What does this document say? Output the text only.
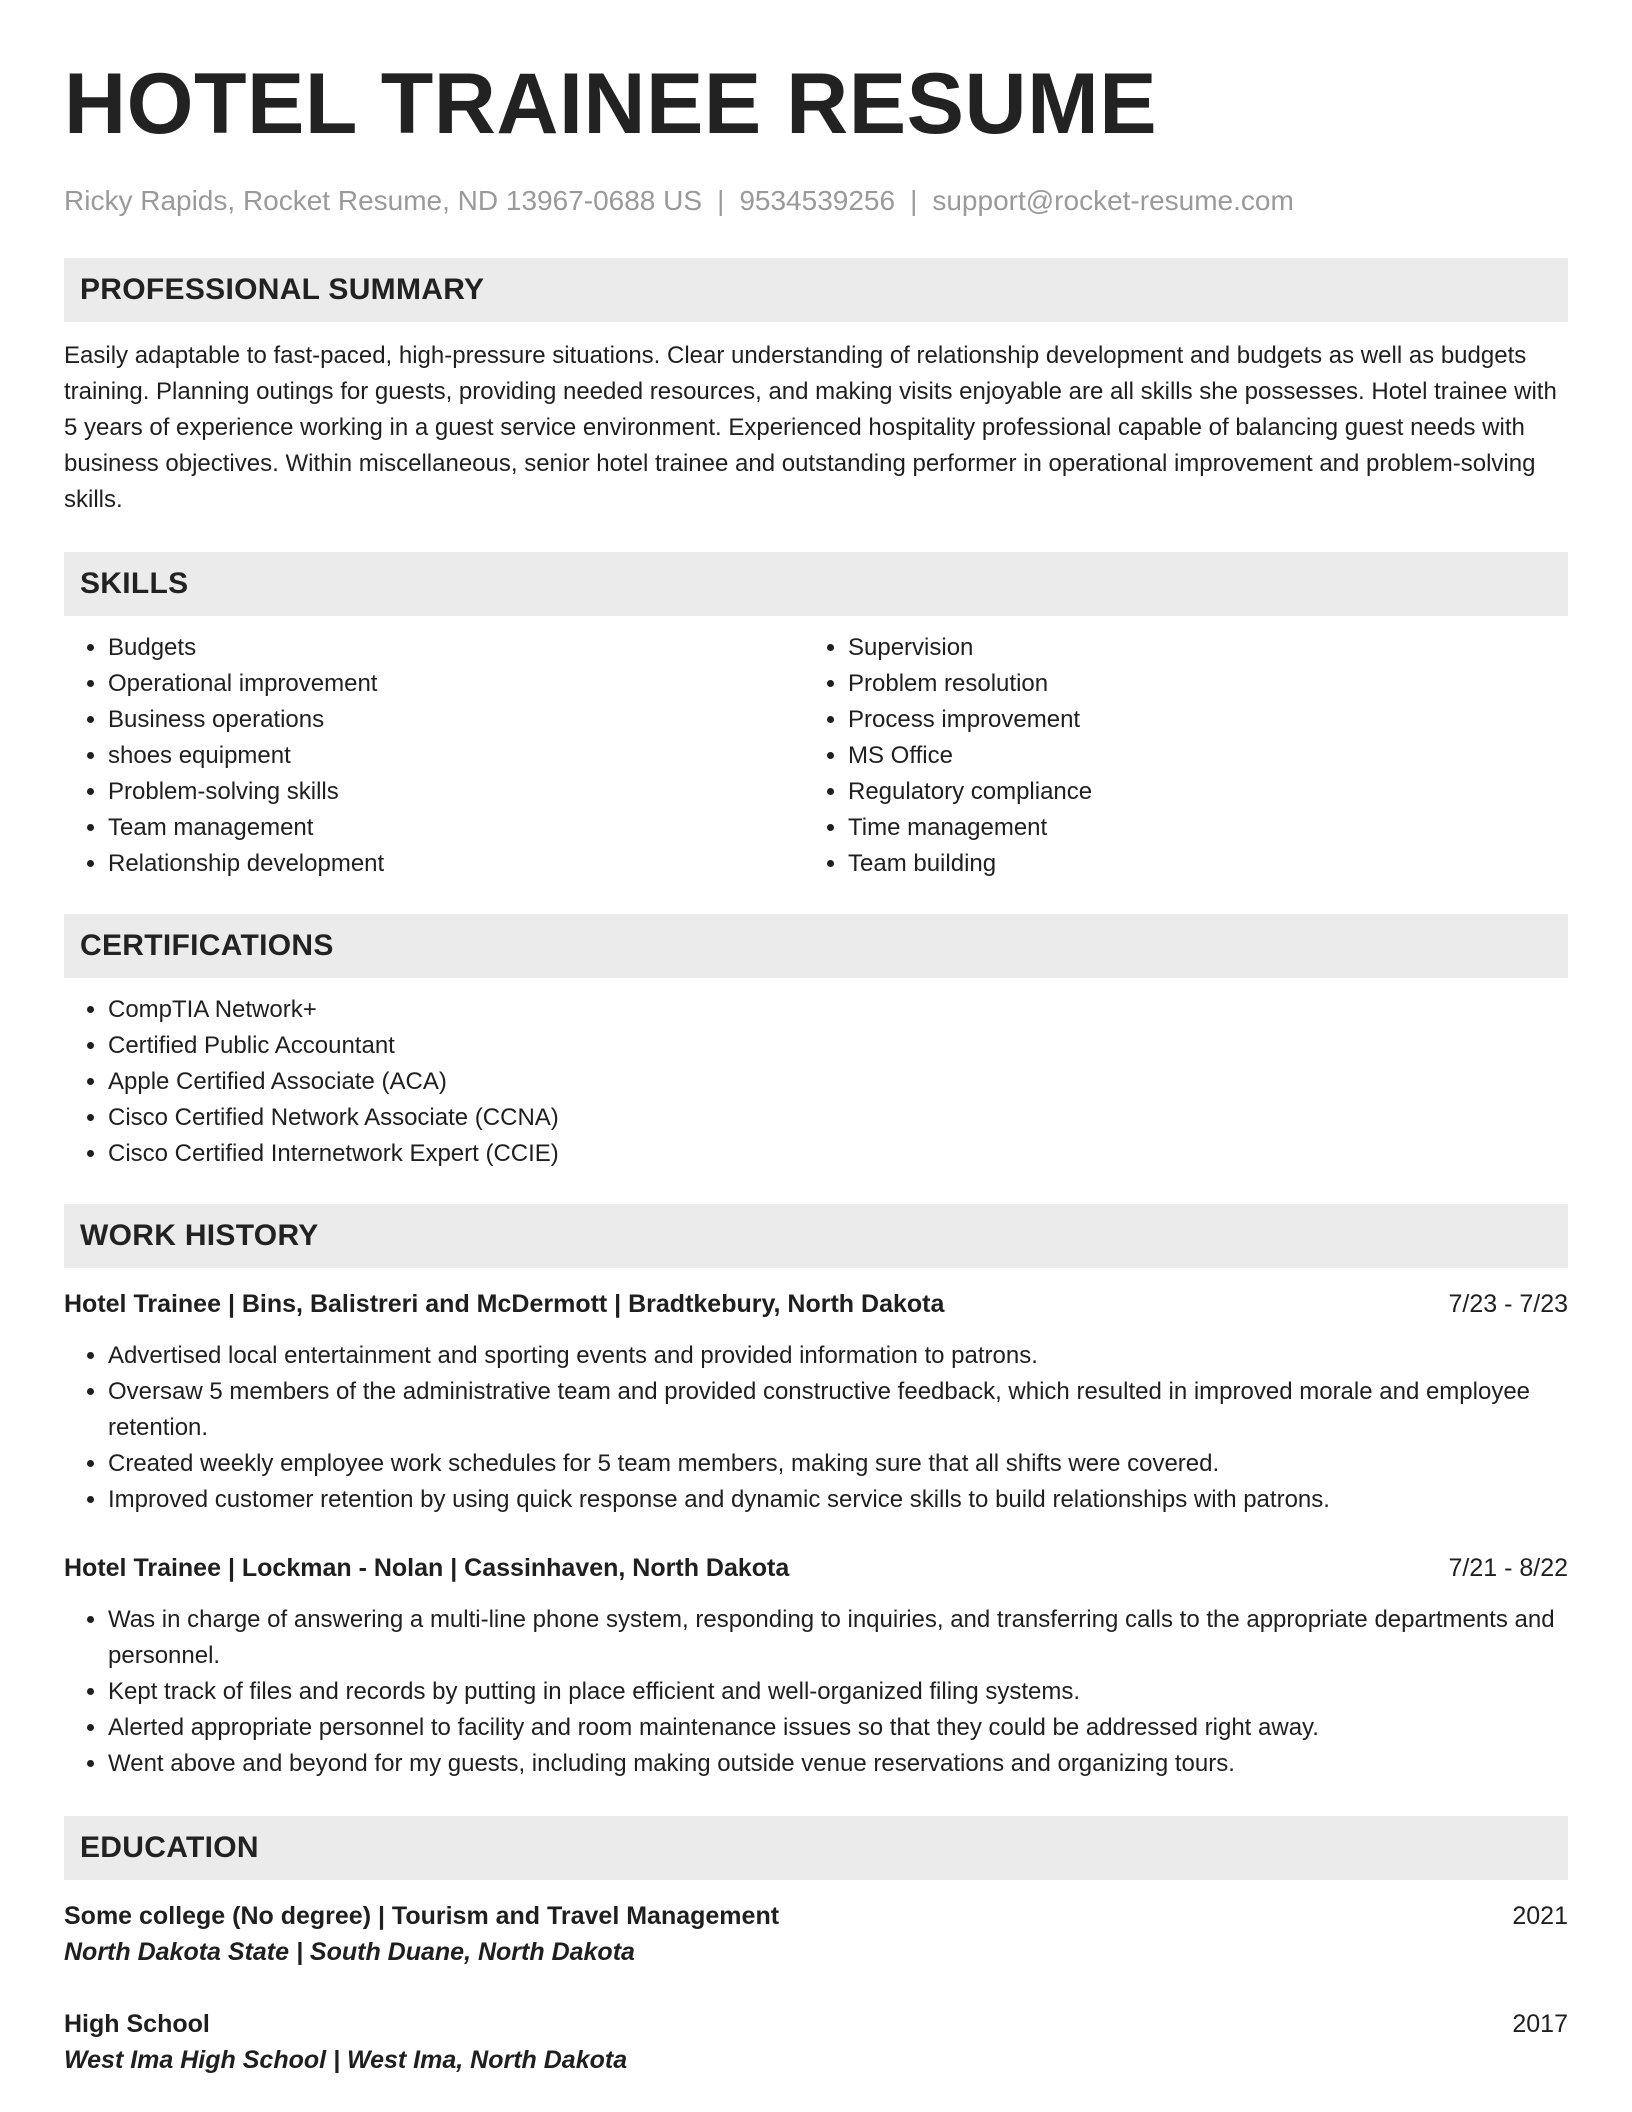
HOTEL TRAINEE RESUME
Ricky Rapids, Rocket Resume, ND 13967-0688 US | 9534539256 | support@rocket-resume.com
PROFESSIONAL SUMMARY

Easily adaptable to fast-paced, high-pressure situations. Clear understanding of relationship development and budgets as well as budgets training. Planning outings for guests, providing needed resources, and making visits enjoyable are all skills she possesses. Hotel trainee with 5 years of experience working in a guest service environment. Experienced hospitality professional capable of balancing guest needs with business objectives. Within miscellaneous, senior hotel trainee and outstanding performer in operational improvement and problem-solving skills.

SKILLS
• Budgets
• Operational improvement
• Business operations
• shoes equipment
• Problem-solving skills
• Team management
• Relationship development
• Supervision
• Problem resolution
• Process improvement
• MS Office
• Regulatory compliance
• Time management
• Team building
CERTIFICATIONS
• CompTIA Network+
• Certified Public Accountant
• Apple Certified Associate (ACA)
• Cisco Certified Network Associate (CCNA)
• Cisco Certified Internetwork Expert (CCIE)
WORK HISTORY
Hotel Trainee | Bins, Balistreri and McDermott | Bradtkebury, North Dakota	7/23 - 7/23
• Advertised local entertainment and sporting events and provided information to patrons.
• Oversaw 5 members of the administrative team and provided constructive feedback, which resulted in improved morale and employee retention.
• Created weekly employee work schedules for 5 team members, making sure that all shifts were covered.
• Improved customer retention by using quick response and dynamic service skills to build relationships with patrons.
Hotel Trainee | Lockman - Nolan | Cassinhaven, North Dakota	7/21 - 8/22
• Was in charge of answering a multi-line phone system, responding to inquiries, and transferring calls to the appropriate departments and personnel.
• Kept track of files and records by putting in place efficient and well-organized filing systems.
• Alerted appropriate personnel to facility and room maintenance issues so that they could be addressed right away.
• Went above and beyond for my guests, including making outside venue reservations and organizing tours.
EDUCATION
Some college (No degree) | Tourism and Travel Management	2021
North Dakota State | South Duane, North Dakota
High School	2017
West Ima High School | West Ima, North Dakota
